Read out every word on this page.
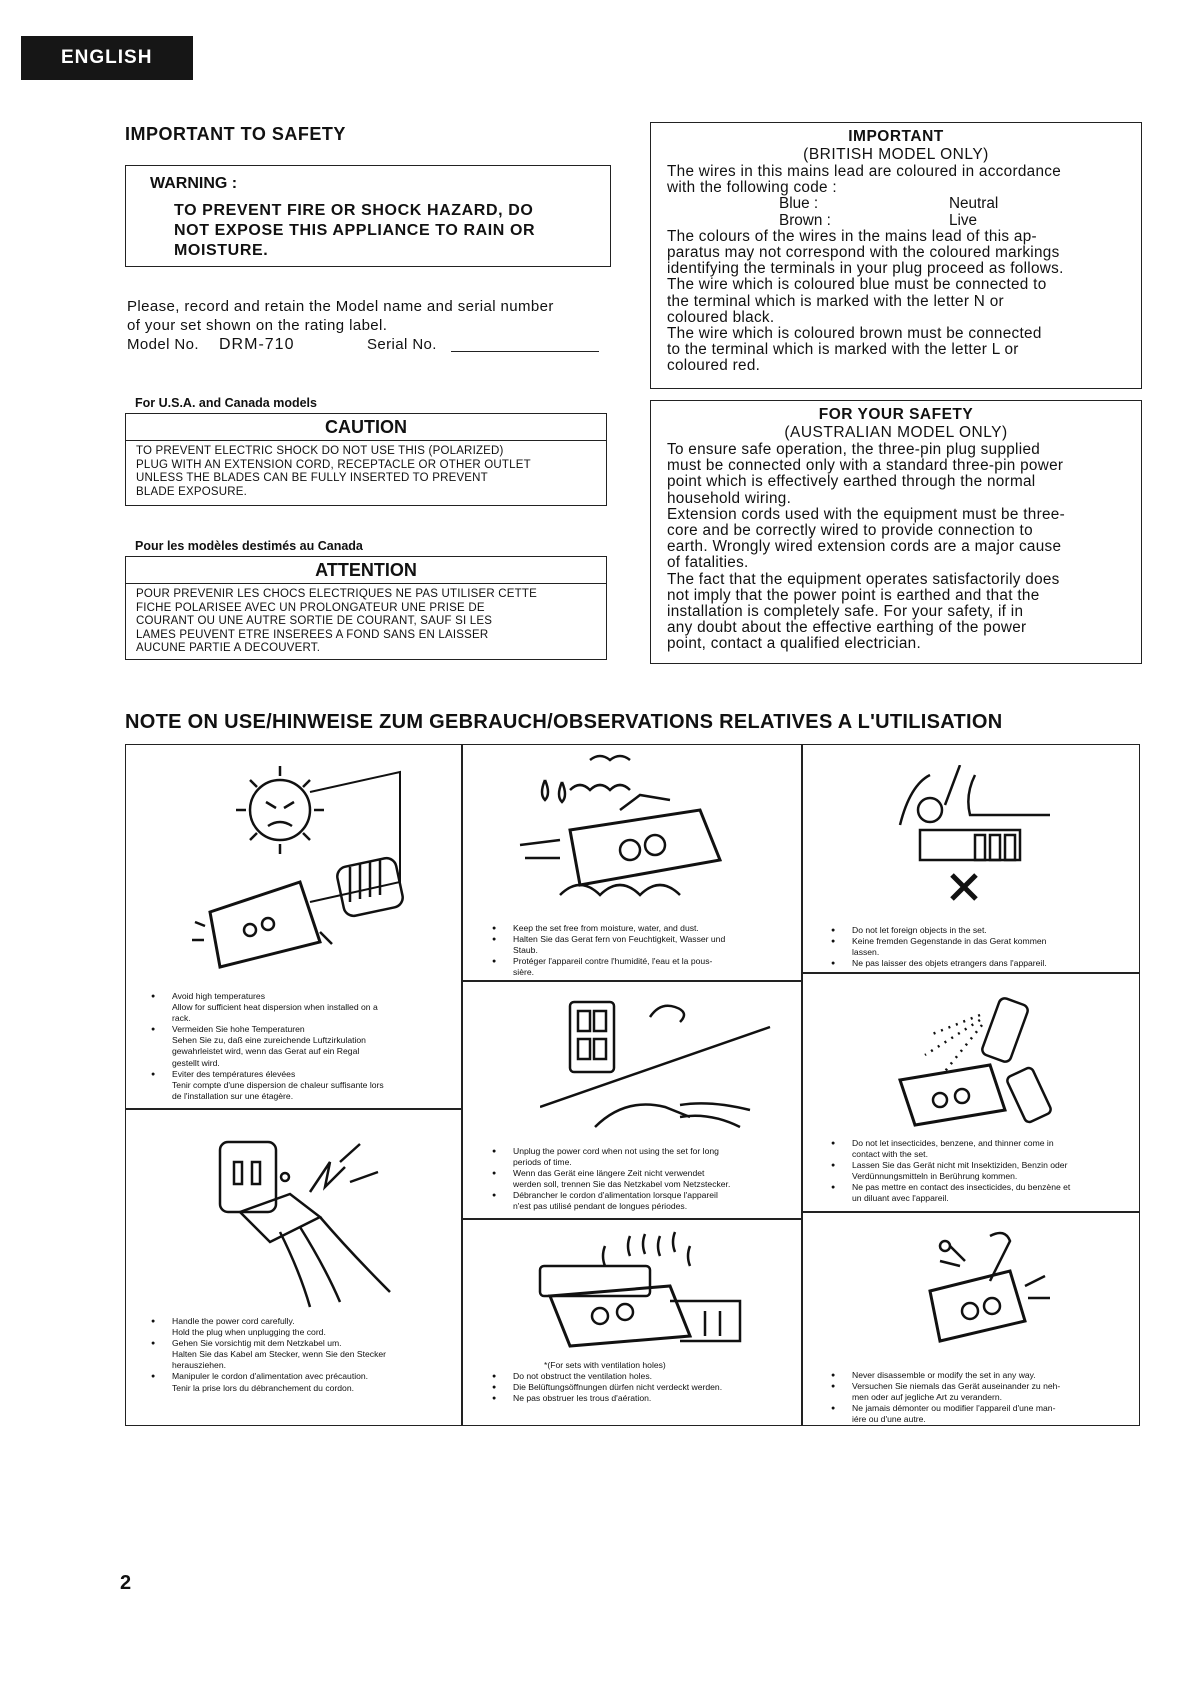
ENGLISH
IMPORTANT TO SAFETY
WARNING :
TO PREVENT FIRE OR SHOCK HAZARD, DO
NOT EXPOSE THIS APPLIANCE TO RAIN OR
MOISTURE.
Please, record and retain the Model name and serial number
of your set shown on the rating label.
Model No. DRM-710	Serial No.
For U.S.A. and Canada models
CAUTION
TO PREVENT ELECTRIC SHOCK DO NOT USE THIS (POLARIZED)
PLUG WITH AN EXTENSION CORD, RECEPTACLE OR OTHER OUTLET
UNLESS THE BLADES CAN BE FULLY INSERTED TO PREVENT
BLADE EXPOSURE.
Pour les modèles destimés au Canada
ATTENTION
POUR PREVENIR LES CHOCS ELECTRIQUES NE PAS UTILISER CETTE
FICHE POLARISEE AVEC UN PROLONGATEUR UNE PRISE DE
COURANT OU UNE AUTRE SORTIE DE COURANT, SAUF SI LES
LAMES PEUVENT ETRE INSEREES A FOND SANS EN LAISSER
AUCUNE PARTIE A DECOUVERT.
IMPORTANT
(BRITISH MODEL ONLY)
The wires in this mains lead are coloured in accordance
with the following code :
Blue :	Neutral
Brown :	Live
The colours of the wires in the mains lead of this ap-
paratus may not correspond with the coloured markings
identifying the terminals in your plug proceed as follows.
The wire which is coloured blue must be connected to
the terminal which is marked with the letter N or
coloured black.
The wire which is coloured brown must be connected
to the terminal which is marked with the letter L or
coloured red.
FOR YOUR SAFETY
(AUSTRALIAN MODEL ONLY)
To ensure safe operation, the three-pin plug supplied
must be connected only with a standard three-pin power
point which is effectively earthed through the normal
household wiring.
Extension cords used with the equipment must be three-
core and be correctly wired to provide connection to
earth. Wrongly wired extension cords are a major cause
of fatalities.
The fact that the equipment operates satisfactorily does
not imply that the power point is earthed and that the
installation is completely safe. For your safety, if in
any doubt about the effective earthing of the power
point, contact a qualified electrician.
NOTE ON USE/HINWEISE ZUM GEBRAUCH/OBSERVATIONS RELATIVES A L'UTILISATION
● Avoid high temperatures
Allow for sufficient heat dispersion when installed on a
rack.
● Vermeiden Sie hohe Temperaturen
Sehen Sie zu, daß eine zureichende Luftzirkulation
gewahrleistet wird, wenn das Gerat auf ein Regal
gestellt wird.
● Eviter des températures élevées
Tenir compte d'une dispersion de chaleur suffisante lors
de l'installation sur une étagère.
● Handle the power cord carefully.
Hold the plug when unplugging the cord.
● Gehen Sie vorsichtig mit dem Netzkabel um.
Halten Sie das Kabel am Stecker, wenn Sie den Stecker
herausziehen.
● Manipuler le cordon d'alimentation avec précaution.
Tenir la prise lors du débranchement du cordon.
● Keep the set free from moisture, water, and dust.
● Halten Sie das Gerat fern von Feuchtigkeit, Wasser und
Staub.
● Protéger l'appareil contre l'humidité, l'eau et la pous-
sière.
● Unplug the power cord when not using the set for long
periods of time.
● Wenn das Gerät eine längere Zeit nicht verwendet
werden soll, trennen Sie das Netzkabel vom Netzstecker.
● Débrancher le cordon d'alimentation lorsque l'appareil
n'est pas utilisé pendant de longues périodes.
*(For sets with ventilation holes)
● Do not obstruct the ventilation holes.
● Die Belüftungsöffnungen dürfen nicht verdeckt werden.
● Ne pas obstruer les trous d'aération.
● Do not let foreign objects in the set.
● Keine fremden Gegenstande in das Gerat kommen
lassen.
● Ne pas laisser des objets etrangers dans l'appareil.
● Do not let insecticides, benzene, and thinner come in
contact with the set.
● Lassen Sie das Gerät nicht mit Insektiziden, Benzin oder
Verdünnungsmitteln in Berührung kommen.
● Ne pas mettre en contact des insecticides, du benzène et
un diluant avec l'appareil.
● Never disassemble or modify the set in any way.
● Versuchen Sie niemals das Gerät auseinander zu neh-
men oder auf jegliche Art zu verandern.
● Ne jamais démonter ou modifier l'appareil d'une man-
iére ou d'une autre.
2
